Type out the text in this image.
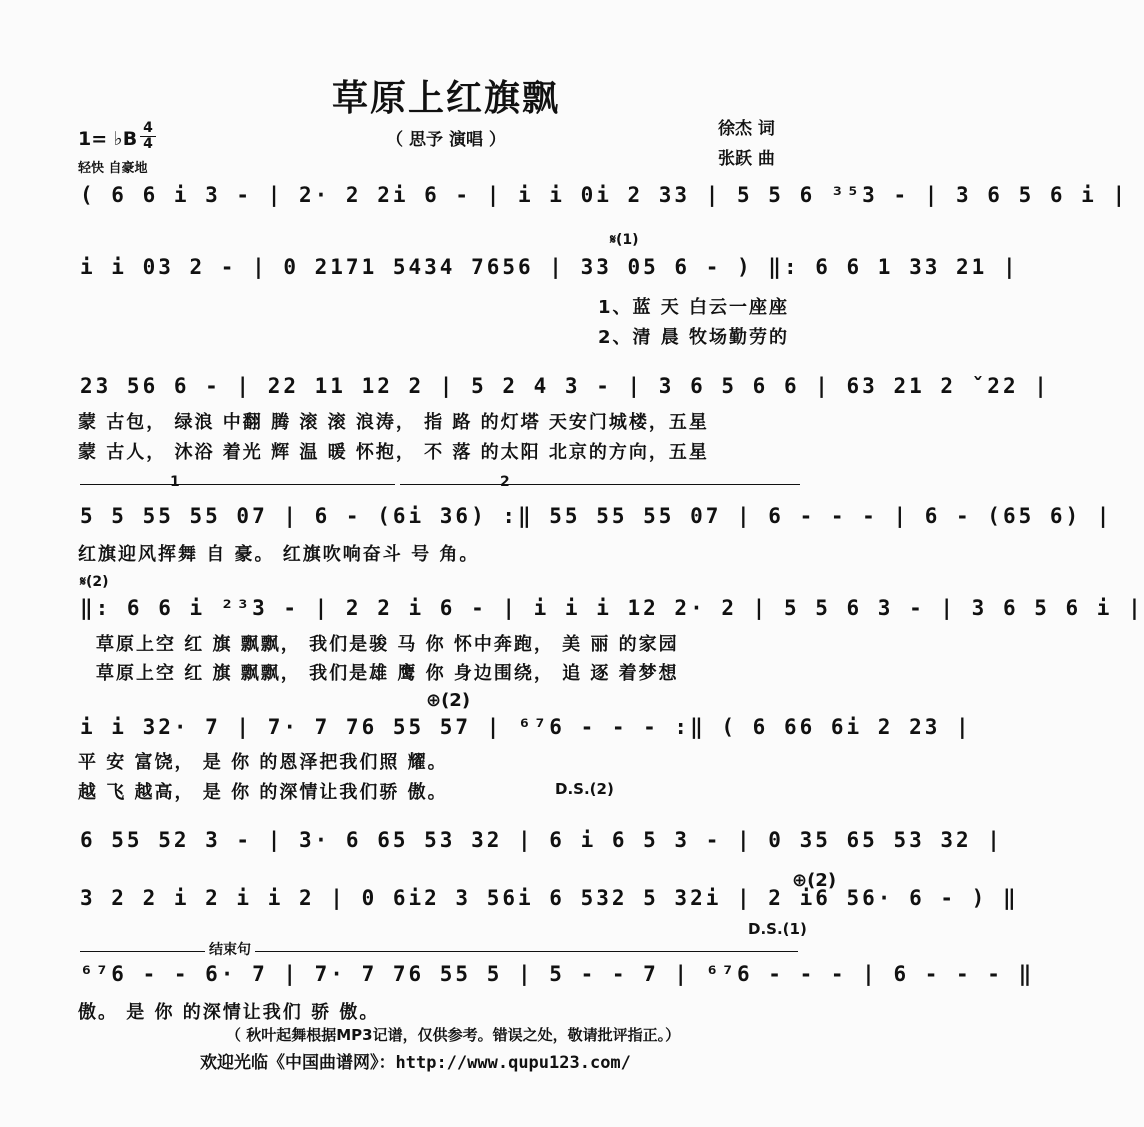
草原上红旗飘
（ 思予 演唱 ）
徐杰 词
张跃 曲
1= ♭B 4
4
轻快 自豪地
( 6 6 i 3 - | 2· 2 2i 6 - | i i 0i 2 33 | 5 5 6 ³⁵3 - | 3 6 5 6 i |
𝄋(1)
i i 03 2 - | 0 2171 5434 7656 | 33 05 6 - ) ‖: 6 6 1 33 21 |
1、蓝 天 白云一座座
2、清 晨 牧场勤劳的
23 56 6 - | 22 11 12 2 | 5 2 4 3 - | 3 6 5 6 6 | 63 21 2 ˇ22 |
蒙 古包， 绿浪 中翻 腾 滚 滚 浪涛， 指 路 的灯塔 天安门城楼，五星
蒙 古人， 沐浴 着光 辉 温 暖 怀抱， 不 落 的太阳 北京的方向，五星
1	2
5 5 55 55 07 | 6 - (6i 36) :‖ 55 55 55 07 | 6 - - - | 6 - (65 6) |
红旗迎风挥舞 自 豪。 红旗吹响奋斗 号 角。
𝄋(2)
‖: 6 6 i ²³3 - | 2 2 i 6 - | i i i 12 2· 2 | 5 5 6 3 - | 3 6 5 6 i |
草原上空 红 旗 飘飘， 我们是骏 马 你 怀中奔跑， 美 丽 的家园
草原上空 红 旗 飘飘， 我们是雄 鹰 你 身边围绕， 追 逐 着梦想
⊕(2)
i i 32· 7 | 7· 7 76 55 57 | ⁶⁷6 - - - :‖ ( 6 66 6i 2 23 |
平 安 富饶， 是 你 的恩泽把我们照 耀。
越 飞 越高， 是 你 的深情让我们骄 傲。	D.S.(2)
6 55 52 3 - | 3· 6 65 53 32 | 6 i 6 5 3 - | 0 35 65 53 32 |
⊕(2)
3 2 2 i 2 i i 2 | 0 6i2 3 56i 6 532 5 32i | 2 i6 56· 6 - ) ‖
D.S.(1)
结束句
⁶⁷6 - - 6· 7 | 7· 7 76 55 5 | 5 - - 7 | ⁶⁷6 - - - | 6 - - - ‖
傲。 是 你 的深情让我们 骄 傲。
（ 秋叶起舞根据MP3记谱，仅供参考。错误之处，敬请批评指正。）
欢迎光临《中国曲谱网》：http://www.qupu123.com/
